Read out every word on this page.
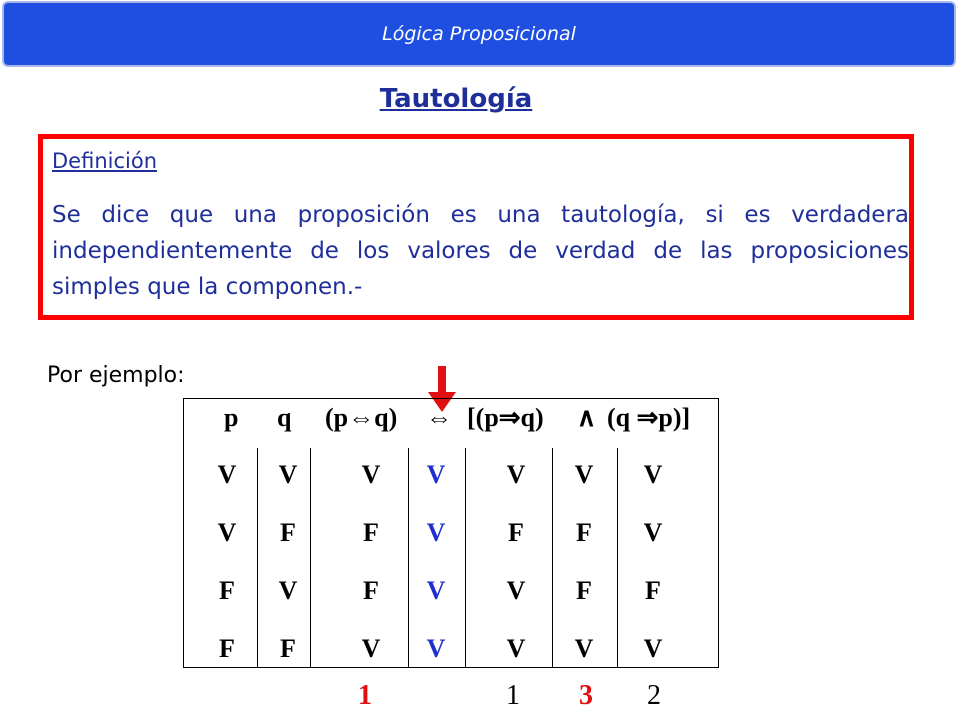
Lógica Proposicional
Tautología
Definición
Se dice que una proposición es una tautología, si es verdadera independientemente de los valores de verdad de las proposiciones simples que la componen.-
Por ejemplo:
p q (p⇔q) ⇔ [(p⇒q) ∧ (q ⇒p)]
V
V
F
F
V
F
V
F
V
F
F
V
V
V
V
V
V
F
V
V
V
F
F
V
V
V
F
V
1	1 3 2
